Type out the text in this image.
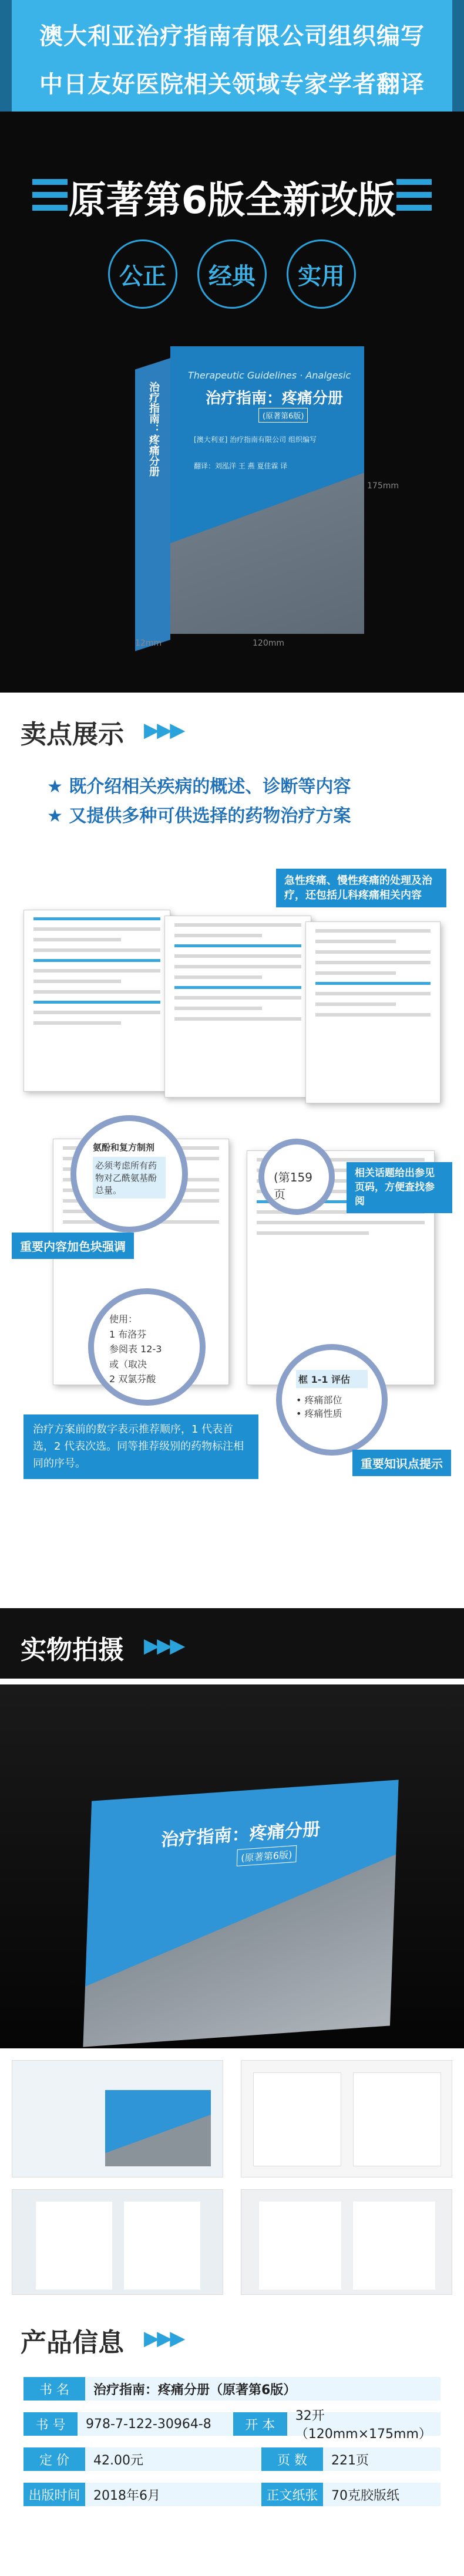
澳大利亚治疗指南有限公司组织编写
中日友好医院相关领域专家学者翻译
原著第6版全新改版
公正	经典	实用
治疗指南：疼痛分册
Therapeutic Guidelines · Analgesic
治疗指南：疼痛分册
(原著第6版)
[澳大利亚] 治疗指南有限公司 组织编写
翻译：刘泓洋 王 燕 夏佳霖 译
175mm
120mm
12mm
卖点展示 ▶▶▶
★ 既介绍相关疾病的概述、诊断等内容
★ 又提供多种可供选择的药物治疗方案
急性疼痛、慢性疼痛的处理及治疗，还包括儿科疼痛相关内容
氨酚和复方制剂
必须考虑所有药物对乙酰氨基酚总量。
重要内容加色块强调
(第159页
相关话题给出参见页码，方便查找参阅
使用：
1 布洛芬
参阅表 12-3
或（取决
2 双氯芬酸	框 1-1 评估
• 疼痛部位
• 疼痛性质
重要知识点提示
治疗方案前的数字表示推荐顺序，1 代表首选，2 代表次选。同等推荐级别的药物标注相同的序号。
实物拍摄 ▶▶▶
治疗指南：疼痛分册
(原著第6版)
产品信息 ▶▶▶
书 名	治疗指南：疼痛分册（原著第6版）
书 号	978-7-122-30964-8	开 本
32开（120mm×175mm）
定 价	42.00元	页 数	221页
出版时间	2018年6月	正文纸张	70克胶版纸
